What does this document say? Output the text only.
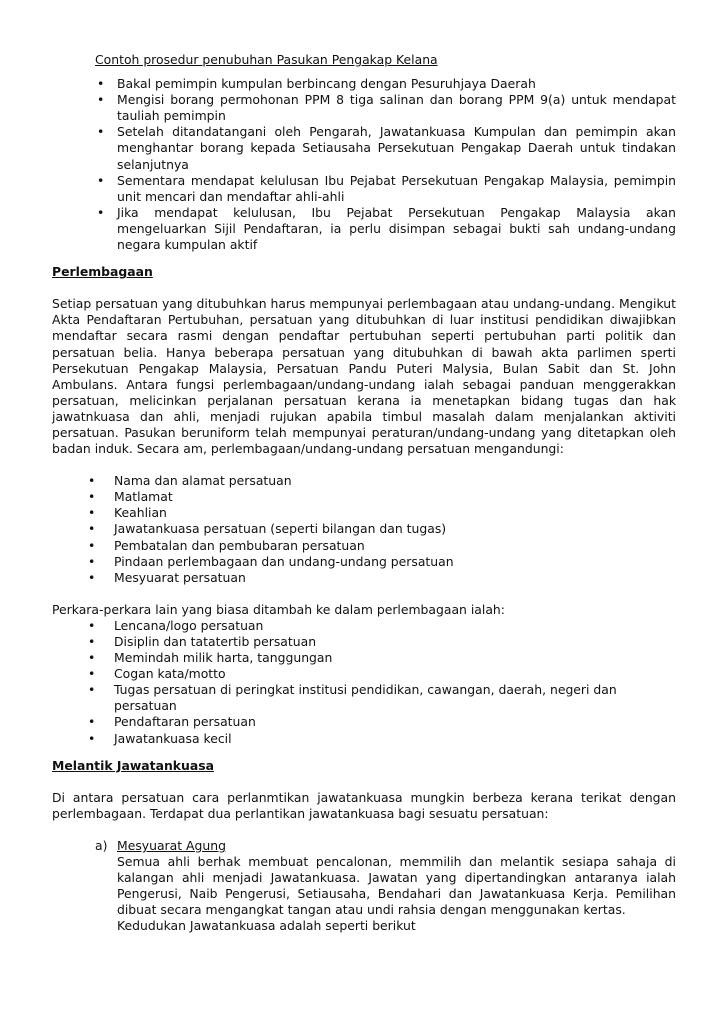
Contoh prosedur penubuhan Pasukan Pengakap Kelana
• Bakal pemimpin kumpulan berbincang dengan Pesuruhjaya Daerah
• Mengisi borang permohonan PPM 8 tiga salinan dan borang PPM 9(a) untuk mendapat tauliah pemimpin
• Setelah ditandatangani oleh Pengarah, Jawatankuasa Kumpulan dan pemimpin akan menghantar borang kepada Setiausaha Persekutuan Pengakap Daerah untuk tindakan selanjutnya
• Sementara mendapat kelulusan Ibu Pejabat Persekutuan Pengakap Malaysia, pemimpin unit mencari dan mendaftar ahli-ahli
• Jika mendapat kelulusan, Ibu Pejabat Persekutuan Pengakap Malaysia akan mengeluarkan Sijil Pendaftaran, ia perlu disimpan sebagai bukti sah undang-undang negara kumpulan aktif
Perlembagaan

Setiap persatuan yang ditubuhkan harus mempunyai perlembagaan atau undang-undang. Mengikut Akta Pendaftaran Pertubuhan, persatuan yang ditubuhkan di luar institusi pendidikan diwajibkan mendaftar secara rasmi dengan pendaftar pertubuhan seperti pertubuhan parti politik dan persatuan belia. Hanya beberapa persatuan yang ditubuhkan di bawah akta parlimen sperti Persekutuan Pengakap Malaysia, Persatuan Pandu Puteri Malysia, Bulan Sabit dan St. John Ambulans. Antara fungsi perlembagaan/undang-undang ialah sebagai panduan menggerakkan persatuan, melicinkan perjalanan persatuan kerana ia menetapkan bidang tugas dan hak jawatnkuasa dan ahli, menjadi rujukan apabila timbul masalah dalam menjalankan aktiviti persatuan. Pasukan beruniform telah mempunyai peraturan/undang-undang yang ditetapkan oleh badan induk. Secara am, perlembagaan/undang-undang persatuan mengandungi:

• Nama dan alamat persatuan
• Matlamat
• Keahlian
• Jawatankuasa persatuan (seperti bilangan dan tugas)
• Pembatalan dan pembubaran persatuan
• Pindaan perlembagaan dan undang-undang persatuan
• Mesyuarat persatuan

Perkara-perkara lain yang biasa ditambah ke dalam perlembagaan ialah:

• Lencana/logo persatuan
• Disiplin dan tatatertib persatuan
• Memindah milik harta, tanggungan
• Cogan kata/motto
• Tugas persatuan di peringkat institusi pendidikan, cawangan, daerah, negeri dan persatuan
• Pendaftaran persatuan
• Jawatankuasa kecil
Melantik Jawatankuasa

Di antara persatuan cara perlanmtikan jawatankuasa mungkin berbeza kerana terikat dengan perlembagaan. Terdapat dua perlantikan jawatankuasa bagi sesuatu persatuan:

a) Mesyuarat Agung
Semua ahli berhak membuat pencalonan, memmilih dan melantik sesiapa sahaja di kalangan ahli menjadi Jawatankuasa. Jawatan yang dipertandingkan antaranya ialah Pengerusi, Naib Pengerusi, Setiausaha, Bendahari dan Jawatankuasa Kerja. Pemilihan dibuat secara mengangkat tangan atau undi rahsia dengan menggunakan kertas.
Kedudukan Jawatankuasa adalah seperti berikut
